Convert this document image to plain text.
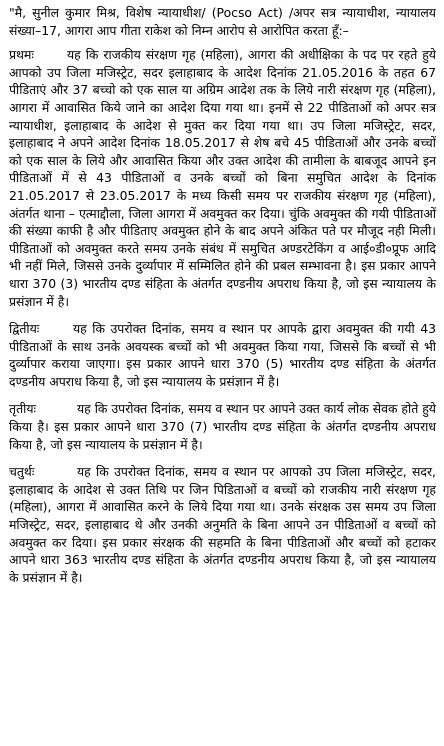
"मै, सुनील कुमार मिश्र, विशेष न्यायाधीश/ (Pocso Act) /अपर सत्र न्यायाधीश, न्यायालय संख्या–17, आगरा आप गीता राकेश को निम्न आरोप से आरोपित करता हूँ:–

प्रथमः	यह कि राजकीय संरक्षण गृह (महिला), आगरा की अधीक्षिका के पद पर रहते हुये आपको उप जिला मजिस्ट्रेट, सदर इलाहाबाद के आदेश दिनांक 21.05.2016 के तहत 67 पीडिताएं और 37 बच्चो को एक साल या अग्रिम आदेश तक के लिये नारी संरक्षण गृह (महिला), आगरा में आवासित किये जाने का आदेश दिया गया था। इनमें से 22 पीडिताओं को अपर सत्र न्यायाधीश, इलाहाबाद के आदेश से मुक्त कर दिया गया था। उप जिला मजिस्ट्रेट, सदर, इलाहाबाद ने अपने आदेश दिनांक 18.05.2017 से शेष बचे 45 पीडिताओं और उनके बच्चों को एक साल के लिये और आवासित किया और उक्त आदेश की तामीला के बाबजूद आपने इन पीडिताओं में से 43 पीडिताओं व उनके बच्चों को बिना समुचित आदेश के दिनांक 21.05.2017 से 23.05.2017 के मध्य किसी समय पर राजकीय संरक्षण गृह (महिला), अंतर्गत थाना – एत्माद्दौला, जिला आगरा में अवमुक्त कर दिया। चुंकि अवमुक्त की गयी पीडिताओं की संख्या काफी है और पीडिताए अवमुक्त होने के बाद अपने अंकित पते पर मौजूद नही मिली। पीडिताओं को अवमुक्त करते समय उनके संबंध में समुचित अण्डरटेकिंग व आई०डी०प्रूफ आदि भी नहीं मिले, जिससे उनके दुर्व्यापार में सम्मिलित होने की प्रबल सम्भावना है। इस प्रकार आपने धारा 370 (3) भारतीय दण्ड संहिता के अंतर्गत दण्डनीय अपराध किया है, जो इस न्यायालय के प्रसंज्ञान में है।

द्वितीयः	यह कि उपरोक्त दिनांक, समय व स्थान पर आपके द्वारा अवमुक्त की गयी 43 पीडिताओं के साथ उनके अवयस्क बच्चों को भी अवमुक्त किया गया, जिससे कि बच्चों से भी दुर्व्यापार कराया जाएगा। इस प्रकार आपने धारा 370 (5) भारतीय दण्ड संहिता के अंतर्गत दण्डनीय अपराध किया है, जो इस न्यायालय के प्रसंज्ञान में है।

तृतीयः	यह कि उपरोक्त दिनांक, समय व स्थान पर आपने उक्त कार्य लोक सेवक होते हुये किया है। इस प्रकार आपने धारा 370 (7) भारतीय दण्ड संहिता के अंतर्गत दण्डनीय अपराध किया है, जो इस न्यायालय के प्रसंज्ञान में है।

चतुर्थः	यह कि उपरोक्त दिनांक, समय व स्थान पर आपको उप जिला मजिस्ट्रेट, सदर, इलाहाबाद के आदेश से उक्त तिथि पर जिन पिडिताओं व बच्चों को राजकीय नारी संरक्षण गृह (महिला), आगरा में आवासित करने के लिये दिया गया था। उनके संरक्षक उस समय उप जिला मजिस्ट्रेट, सदर, इलाहाबाद थे और उनकी अनुमति के बिना आपने उन पीडिताओं व बच्चों को अवमुक्त कर दिया। इस प्रकार संरक्षक की सहमति के बिना पीडिताओं और बच्चों को हटाकर आपने धारा 363 भारतीय दण्ड संहिता के अंतर्गत दण्डनीय अपराध किया है, जो इस न्यायालय के प्रसंज्ञान में है।
